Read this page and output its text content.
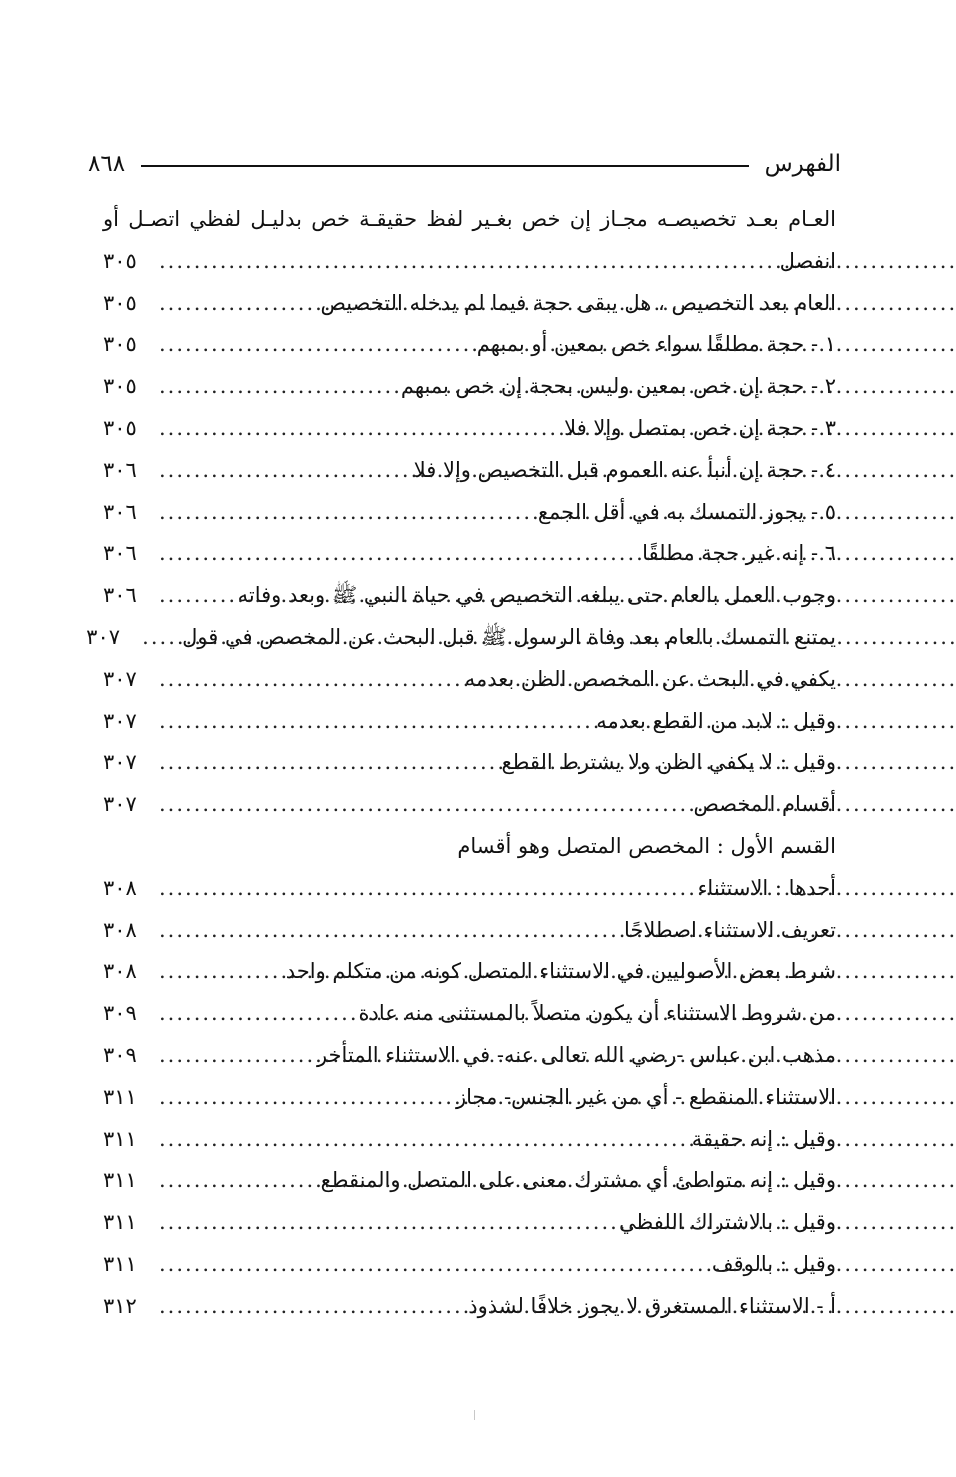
الفهرس
٨٦٨
العـام بعـد تخصيصـه مجـاز إن خص بغـير لفظ حقيقـة خص بدليـل لفظي اتصـل أو
انفصل
.....
٣٠٥
العام بعد التخصيص ، هل يبقى حجة فيما لم يدخله التخصيص
.....
٣٠٥
١ - حجة مطلقًا سواء خص بمعين أو بمبهم
.....
٣٠٥
٢ - حجة إن خص بمعين وليس بحجة إن خص بمبهم
.....
٣٠٥
٣ - حجة إن خص بمتصل وإلا فلا
.....
٣٠٥
٤ - حجة إن أنبأ عنه العموم قبل التخصيص وإلا فلا
.....
٣٠٦
٥ - يجوز التمسك به في أقل الجمع
.....
٣٠٦
٦ - إنه غير حجة مطلقًا
.....
٣٠٦
وجوب العمل بالعام حتى يبلغه التخصيص في حياة النبي ﷺ وبعد وفاته
.....
٣٠٦
يمتنع التمسك بالعام بعد وفاة الرسول ﷺ قبل البحث عن المخصص في قول
.....
٣٠٧
يكفي في البحث عن المخصص الظن بعدمه
.....
٣٠٧
وقيل : لابد من القطع بعدمه
.....
٣٠٧
وقيل : لا يكفي الظن ولا يشترط القطع
.....
٣٠٧
أقسام المخصص
.....
٣٠٧
القسم الأول : المخصص المتصل وهو أقسام
أحدها : الاستثناء
.....
٣٠٨
تعريف الاستثناء اصطلاحًا
.....
٣٠٨
شرط بعض الأصوليين في الاستثناء المتصل كونه من متكلم واحد
.....
٣٠٨
من شروط الاستثناء أن يكون متصلاً بالمستثنى منه عادة
.....
٣٠٩
مذهب ابن عباس -رضي الله تعالى عنه- في الاستثناء المتأخر
.....
٣٠٩
الاستثناء المنقطع - أي من غير الجنس- مجاز
.....
٣١١
وقيل : إنه حقيقة
.....
٣١١
وقيل : إنه متواطئ أي مشترك معنى على المتصل والمنقطع
.....
٣١١
وقيل : بالاشتراك اللفظي
.....
٣١١
وقيل : بالوقف
.....
٣١١
أ - الاستثناء المستغرق لا يجوز خلافًا لشذوذ
.....
٣١٢
